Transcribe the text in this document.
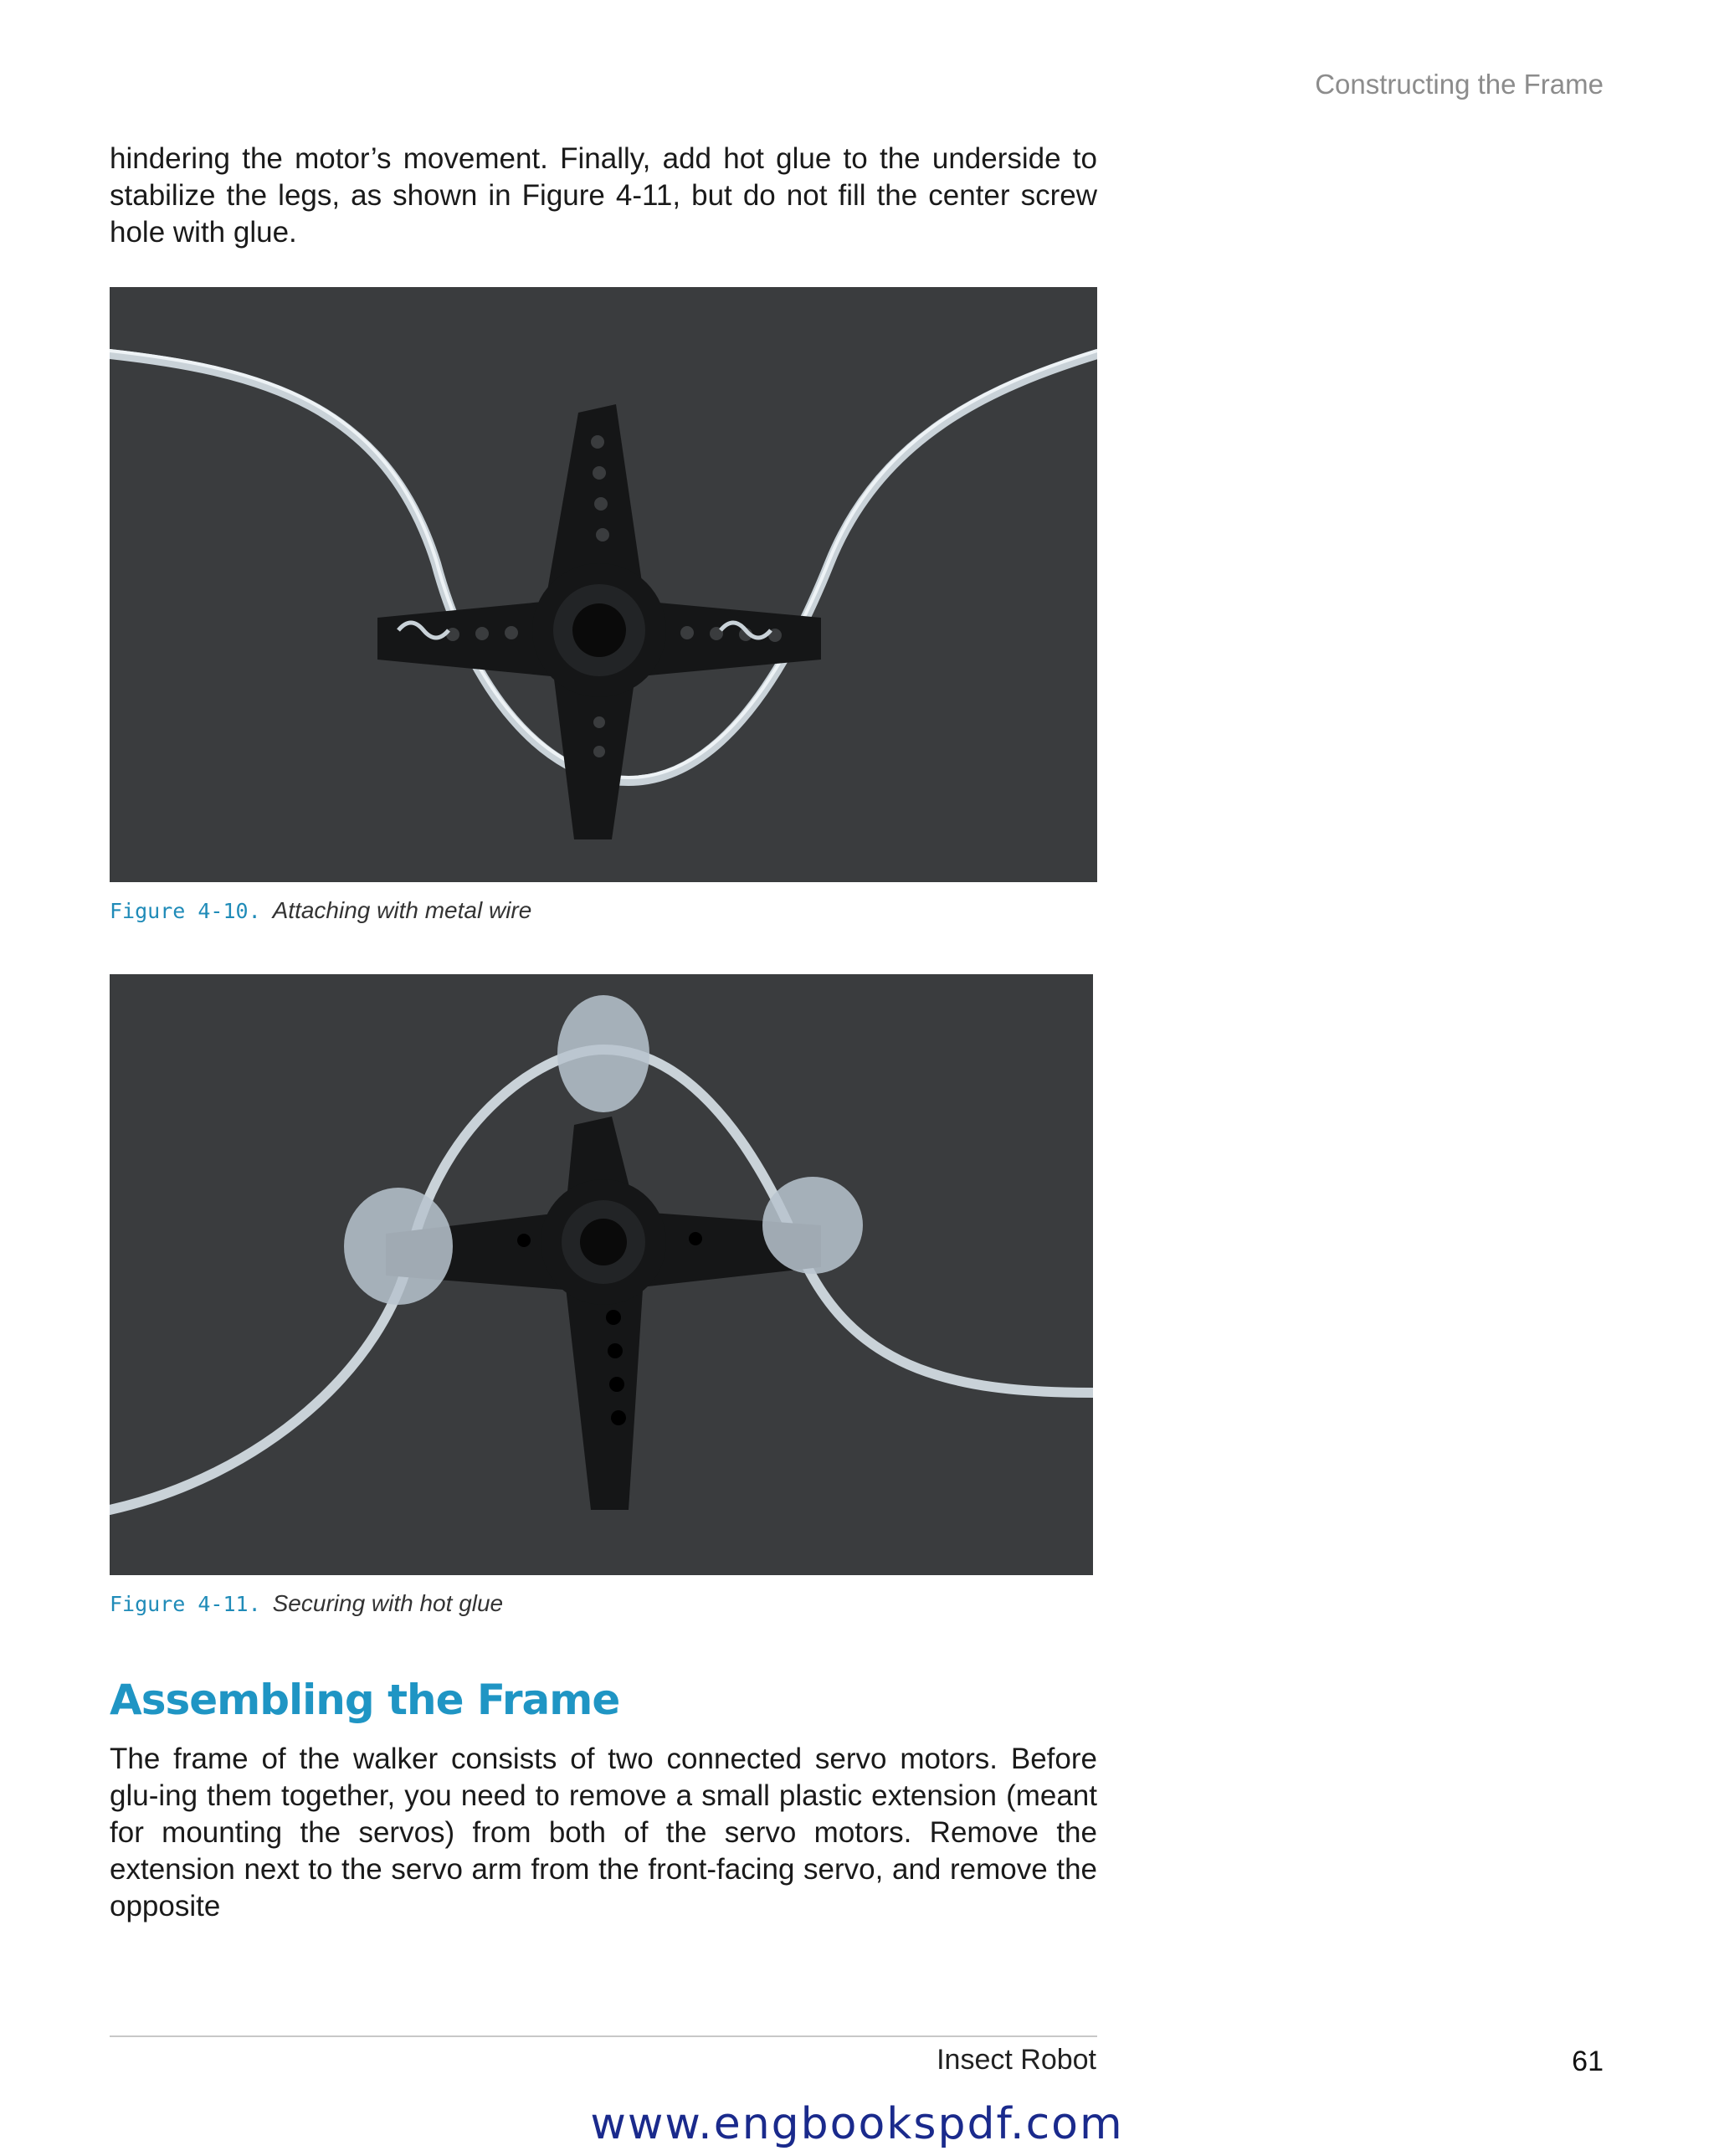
Constructing the Frame

hindering the motor’s movement. Finally, add hot glue to the underside to stabilize the legs, as shown in Figure 4-11, but do not fill the center screw hole with glue.

Figure 4-10. Attaching with metal wire
Figure 4-11. Securing with hot glue
Assembling the Frame

The frame of the walker consists of two connected servo motors. Before glu-ing them together, you need to remove a small plastic extension (meant for mounting the servos) from both of the servo motors. Remove the extension next to the servo arm from the front-facing servo, and remove the opposite

Insect Robot	61
www.engbookspdf.com
